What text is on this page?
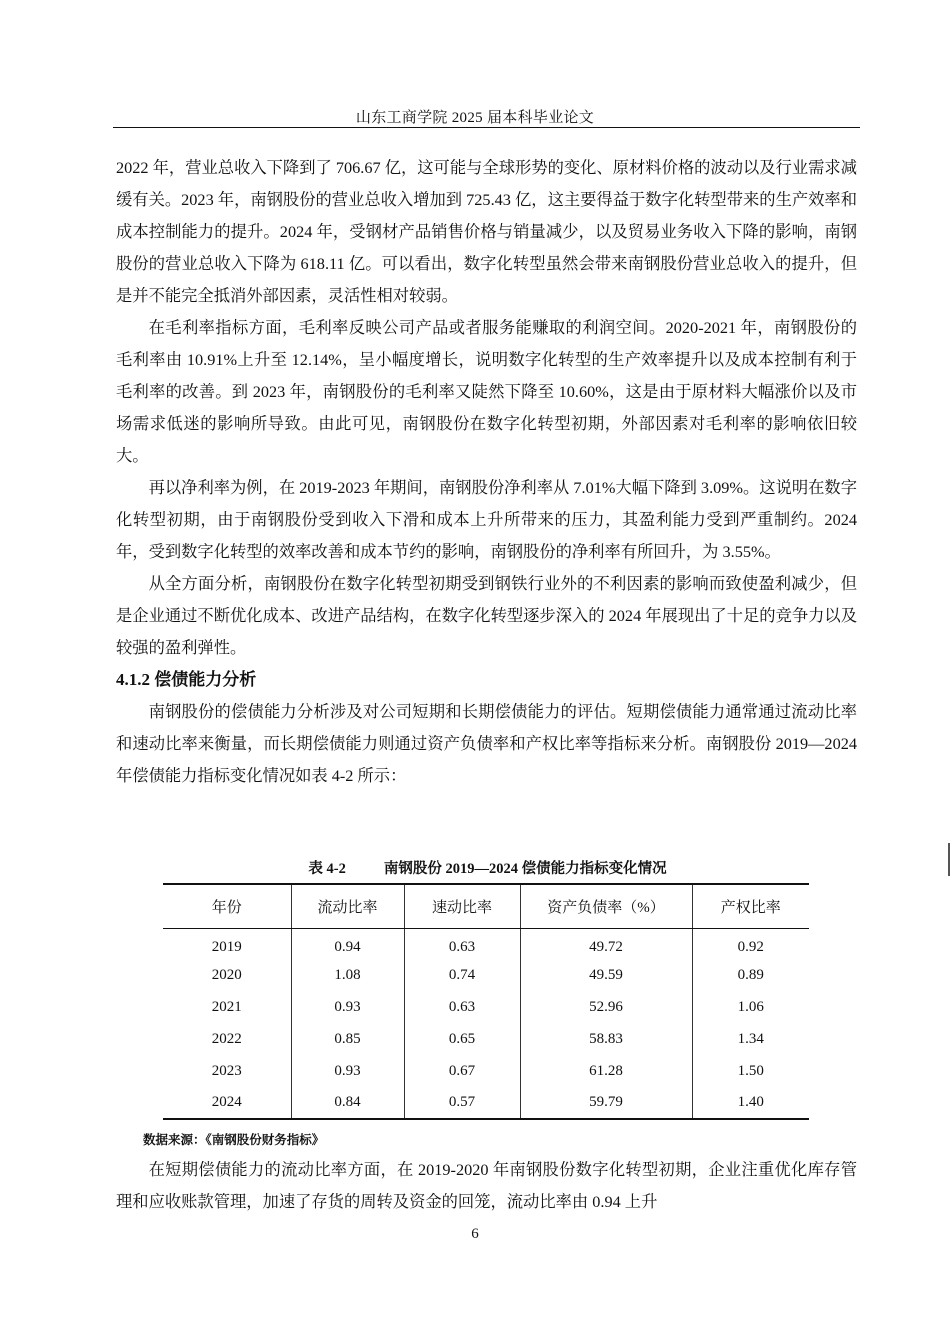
山东工商学院 2025 届本科毕业论文

2022 年，营业总收入下降到了 706.67 亿，这可能与全球形势的变化、原材料价格的波动以及行业需求减缓有关。2023 年，南钢股份的营业总收入增加到 725.43 亿，这主要得益于数字化转型带来的生产效率和成本控制能力的提升。2024 年，受钢材产品销售价格与销量减少，以及贸易业务收入下降的影响，南钢股份的营业总收入下降为 618.11 亿。可以看出，数字化转型虽然会带来南钢股份营业总收入的提升，但是并不能完全抵消外部因素，灵活性相对较弱。

在毛利率指标方面，毛利率反映公司产品或者服务能赚取的利润空间。2020-2021 年，南钢股份的毛利率由 10.91%上升至 12.14%，呈小幅度增长，说明数字化转型的生产效率提升以及成本控制有利于毛利率的改善。到 2023 年，南钢股份的毛利率又陡然下降至 10.60%，这是由于原材料大幅涨价以及市场需求低迷的影响所导致。由此可见，南钢股份在数字化转型初期，外部因素对毛利率的影响依旧较大。

再以净利率为例，在 2019-2023 年期间，南钢股份净利率从 7.01%大幅下降到 3.09%。这说明在数字化转型初期，由于南钢股份受到收入下滑和成本上升所带来的压力，其盈利能力受到严重制约。2024 年，受到数字化转型的效率改善和成本节约的影响，南钢股份的净利率有所回升，为 3.55%。

从全方面分析，南钢股份在数字化转型初期受到钢铁行业外的不利因素的影响而致使盈利减少，但是企业通过不断优化成本、改进产品结构，在数字化转型逐步深入的 2024 年展现出了十足的竞争力以及较强的盈利弹性。

4.1.2 偿债能力分析

南钢股份的偿债能力分析涉及对公司短期和长期偿债能力的评估。短期偿债能力通常通过流动比率和速动比率来衡量，而长期偿债能力则通过资产负债率和产权比率等指标来分析。南钢股份 2019—2024 年偿债能力指标变化情况如表 4-2 所示：

表 4-2	南钢股份 2019—2024 偿债能力指标变化情况
年份	流动比率	速动比率	资产负债率（%）	产权比率
2019	0.94	0.63	49.72	0.92
2020	1.08	0.74	49.59	0.89
2021	0.93	0.63	52.96	1.06
2022	0.85	0.65	58.83	1.34
2023	0.93	0.67	61.28	1.50
2024	0.84	0.57	59.79	1.40
数据来源：《南钢股份财务指标》

在短期偿债能力的流动比率方面，在 2019-2020 年南钢股份数字化转型初期，企业注重优化库存管理和应收账款管理，加速了存货的周转及资金的回笼，流动比率由 0.94 上升

6
